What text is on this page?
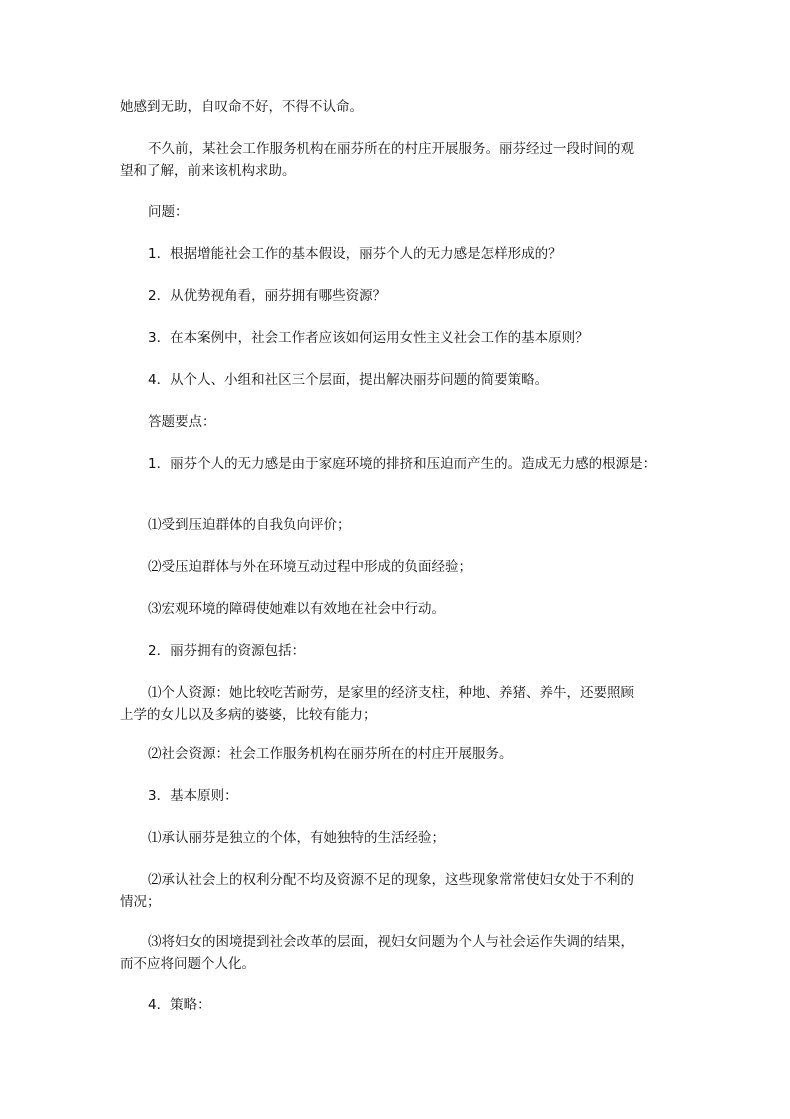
她感到无助，自叹命不好，不得不认命。

不久前，某社会工作服务机构在丽芬所在的村庄开展服务。丽芬经过一段时间的观望和了解，前来该机构求助。

问题：

1．根据增能社会工作的基本假设，丽芬个人的无力感是怎样形成的？

2．从优势视角看，丽芬拥有哪些资源？

3．在本案例中，社会工作者应该如何运用女性主义社会工作的基本原则？

4．从个人、小组和社区三个层面，提出解决丽芬问题的简要策略。

答题要点：

1．丽芬个人的无力感是由于家庭环境的排挤和压迫而产生的。造成无力感的根源是：

⑴受到压迫群体的自我负向评价；

⑵受压迫群体与外在环境互动过程中形成的负面经验；

⑶宏观环境的障碍使她难以有效地在社会中行动。

2．丽芬拥有的资源包括：

⑴个人资源：她比较吃苦耐劳，是家里的经济支柱，种地、养猪、养牛，还要照顾上学的女儿以及多病的婆婆，比较有能力；

⑵社会资源：社会工作服务机构在丽芬所在的村庄开展服务。

3．基本原则：

⑴承认丽芬是独立的个体，有她独特的生活经验；

⑵承认社会上的权利分配不均及资源不足的现象，这些现象常常使妇女处于不利的情况；

⑶将妇女的困境提到社会改革的层面，视妇女问题为个人与社会运作失调的结果，而不应将问题个人化。

4．策略：
